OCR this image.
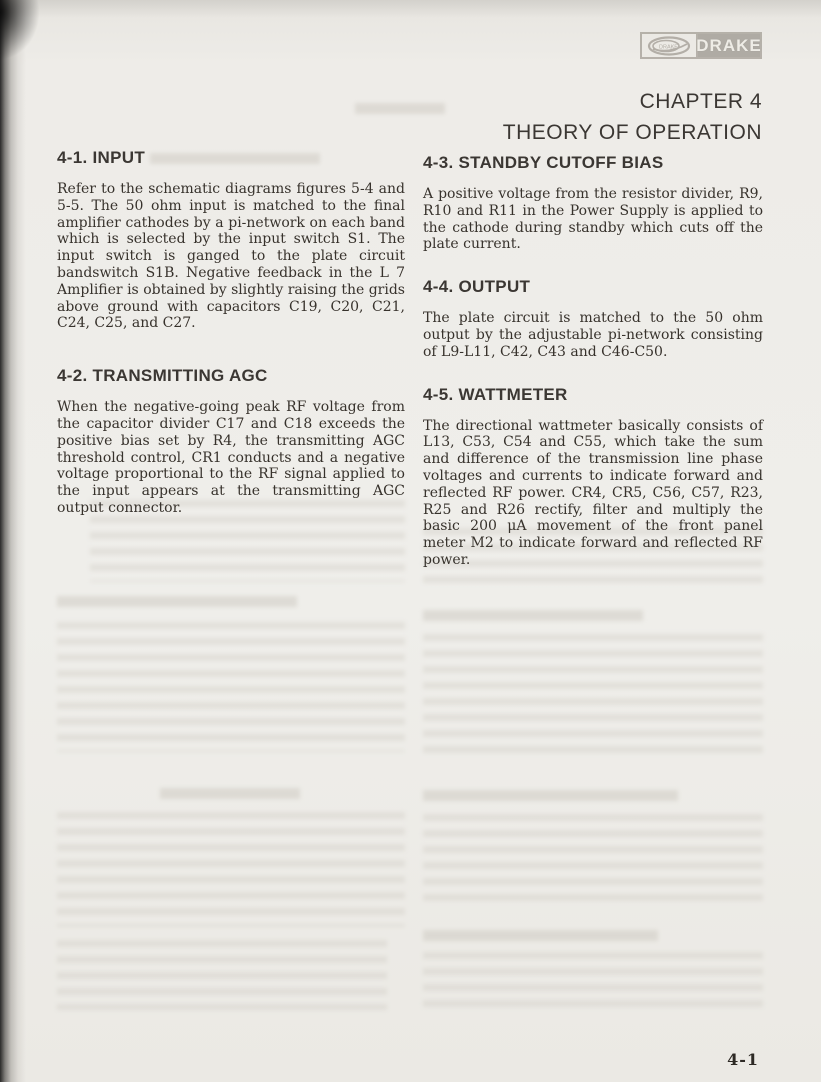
DRAKE DRAKE
CHAPTER 4
THEORY OF OPERATION
4-1. INPUT

Refer to the schematic diagrams figures 5-4 and 5-5. The 50 ohm input is matched to the final amplifier cathodes by a pi-network on each band which is selected by the input switch S1. The input switch is ganged to the plate circuit bandswitch S1B. Negative feedback in the L 7 Amplifier is obtained by slightly raising the grids above ground with capacitors C19, C20, C21, C24, C25, and C27.

4-2. TRANSMITTING AGC

When the negative-going peak RF voltage from the capacitor divider C17 and C18 exceeds the positive bias set by R4, the transmitting AGC threshold control, CR1 conducts and a negative voltage proportional to the RF signal applied to the input appears at the transmitting AGC output connector.

4-3. STANDBY CUTOFF BIAS

A positive voltage from the resistor divider, R9, R10 and R11 in the Power Supply is applied to the cathode during standby which cuts off the plate current.

4-4. OUTPUT

The plate circuit is matched to the 50 ohm output by the adjustable pi-network consisting of L9-L11, C42, C43 and C46-C50.

4-5. WATTMETER

The directional wattmeter basically consists of L13, C53, C54 and C55, which take the sum and difference of the transmission line phase voltages and currents to indicate forward and reflected RF power. CR4, CR5, C56, C57, R23, R25 and R26 rectify, filter and multiply the basic 200 μA movement of the front panel meter M2 to indicate forward and reflected RF power.

4-1
